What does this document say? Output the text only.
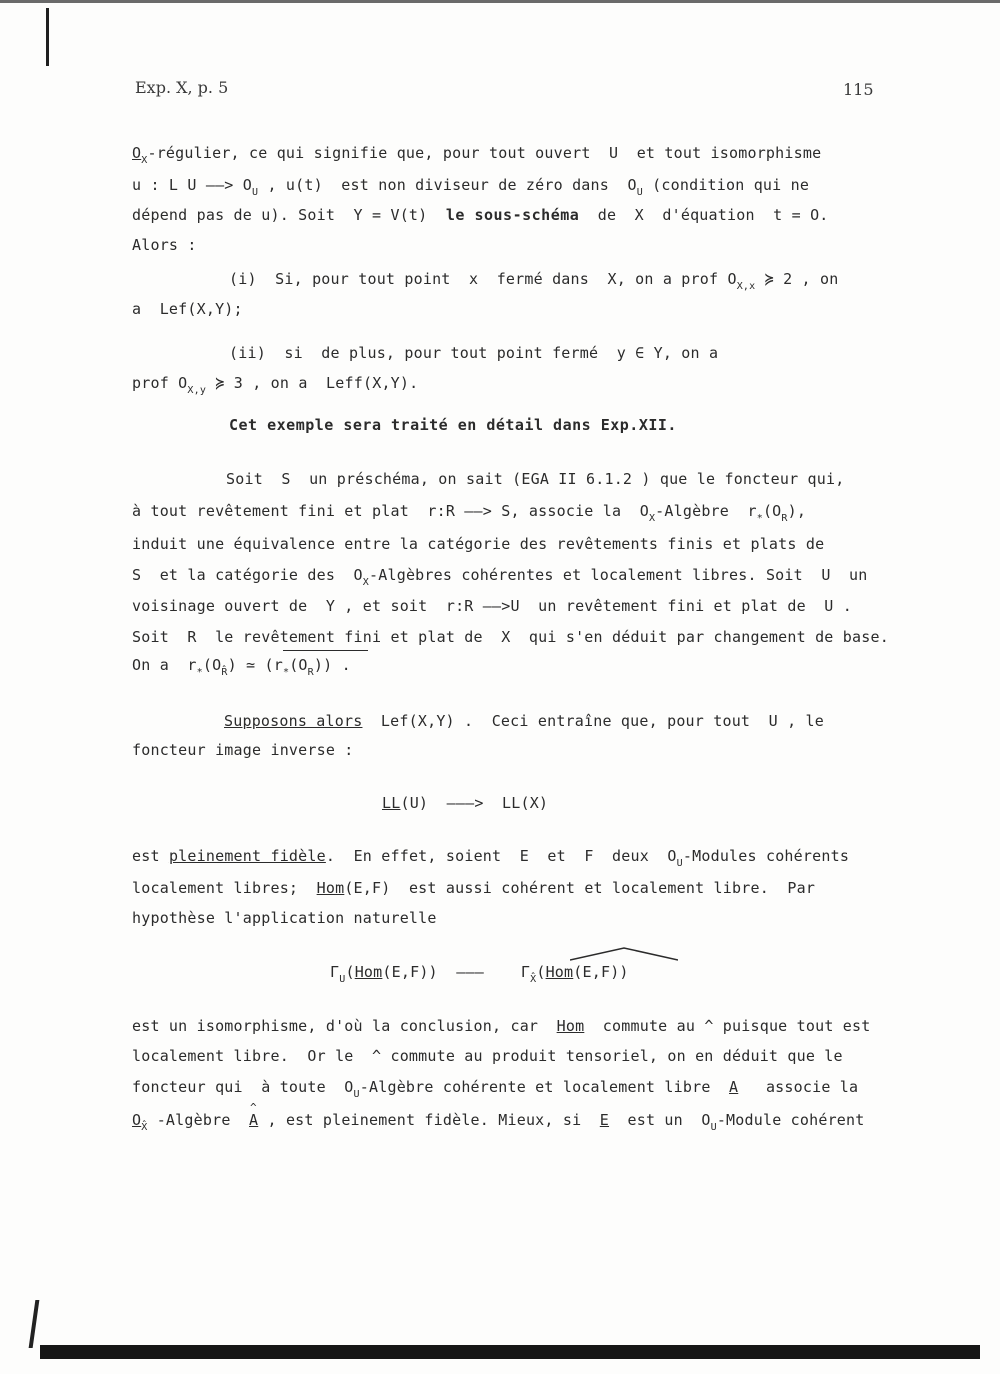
Exp. X, p. 5	115
$O_X$-régulier, ce qui signifie que, pour tout ouvert  U  et tout isomorphisme
u : L U ——> $O_U$ , u(t)  est non diviseur de zéro dans  $O_U$ (condition qui ne
dépend pas de u). Soit  Y = V(t)  le sous-schéma  de  X  d'équation  t = O.
Alors :
(i)  Si, pour tout point  x  fermé dans  X, on a prof $O_{X,x}$ ≽ 2 , on
a  Lef(X,Y);
(ii)  si  de plus, pour tout point fermé  y ∈ Y, on a
prof $O_{X,y}$ ≽ 3 , on a  Leff(X,Y).
Cet exemple sera traité en détail dans Exp.XII.
Soit  S  un préschéma, on sait (EGA II 6.1.2 ) que le foncteur qui,
à tout revêtement fini et plat  r:R ——> S, associe la  $O_X$-Algèbre  $r_*(O_R)$,
induit une équivalence entre la catégorie des revêtements finis et plats de
S  et la catégorie des  $O_X$-Algèbres cohérentes et localement libres. Soit  U  un
voisinage ouvert de  Y , et soit  r:R ——>U  un revêtement fini et plat de  U .
Soit  R  le revêtement fini et plat de  X  qui s'en déduit par changement de base.
On a  $r_*(O_{R̂})$ ≃ $(r_*(O_R))$ .
Supposons alors  Lef(X,Y) .  Ceci entraîne que, pour tout  U , le
foncteur image inverse :
LL(U)  ———>  LL(X)
est pleinement fidèle.  En effet, soient  E  et  F  deux  $O_U$-Modules cohérents
localement libres;  Hom(E,F)  est aussi cohérent et localement libre.  Par
hypothèse l'application naturelle
$\Gamma_U(Hom(E,F))$  ———    $\Gamma_{X̂}(Hom(E,F))$
est un isomorphisme, d'où la conclusion, car  Hom  commute au ^ puisque tout est
localement libre.  Or le  ^ commute au produit tensoriel, on en déduit que le
foncteur qui  à toute  $O_U$-Algèbre cohérente et localement libre  A   associe la
$O_{X̂}$ -Algèbre  ^ A , est pleinement fidèle. Mieux, si  E  est un  $O_U$-Module cohérent
